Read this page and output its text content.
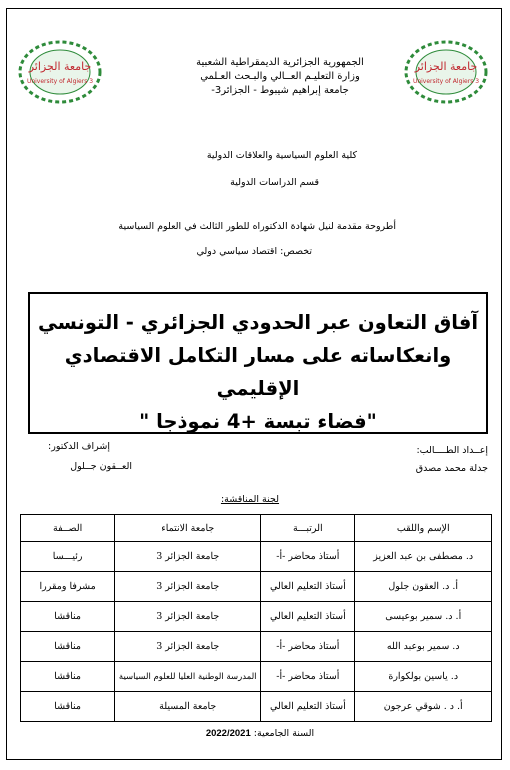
جامعة الجزائر
University of Algiers 3
جامعة الجزائر
University of Algiers 3
الجمهورية الجزائرية الديمقراطية الشعبية
وزارة التعليـم العــالي والبـحث العـلمي
جامعة إبراهيم شيبوط - الجزائر3-
كلية العلوم السياسية والعلاقات الدولية
قسم الدراسات الدولية
أطروحة مقدمة لنيل شهادة الدكتوراه للطور الثالث في العلوم السياسية
تخصص: اقتصاد سياسي دولي
آفاق التعاون عبر الحدودي الجزائري - التونسي
وانعكاساته على مسار التكامل الاقتصادي الإقليمي
"فضاء تبسة +4 نموذجا "
إعــداد الطــــالب:
جدلة محمد مصدق
إشراف الدكتور:
العــقون جــلول
لجنة المناقشة:
الإسم واللقب	الرتبـــة	جامعة الانتماء	الصــفة
د. مصطفى بن عبد العزيز	أستاذ محاضر -أ-	جامعة الجزائر 3	رئيـــسا
أ. د. العقون جلول	أستاذ التعليم العالي	جامعة الجزائر 3	مشرفا ومقررا
أ. د. سمير بوعيسى	أستاذ التعليم العالي	جامعة الجزائر 3	مناقشا
د. سمير بوعبد الله	أستاذ محاضر -أ-	جامعة الجزائر 3	مناقشا
د. ياسين بولكوارة	أستاذ محاضر -أ-	المدرسة الوطنية العليا للعلوم السياسية	مناقشا
أ. د . شوقي عرجون	أستاذ التعليم العالي	جامعة المسيلة	مناقشا
السنة الجامعية: 2022/2021
